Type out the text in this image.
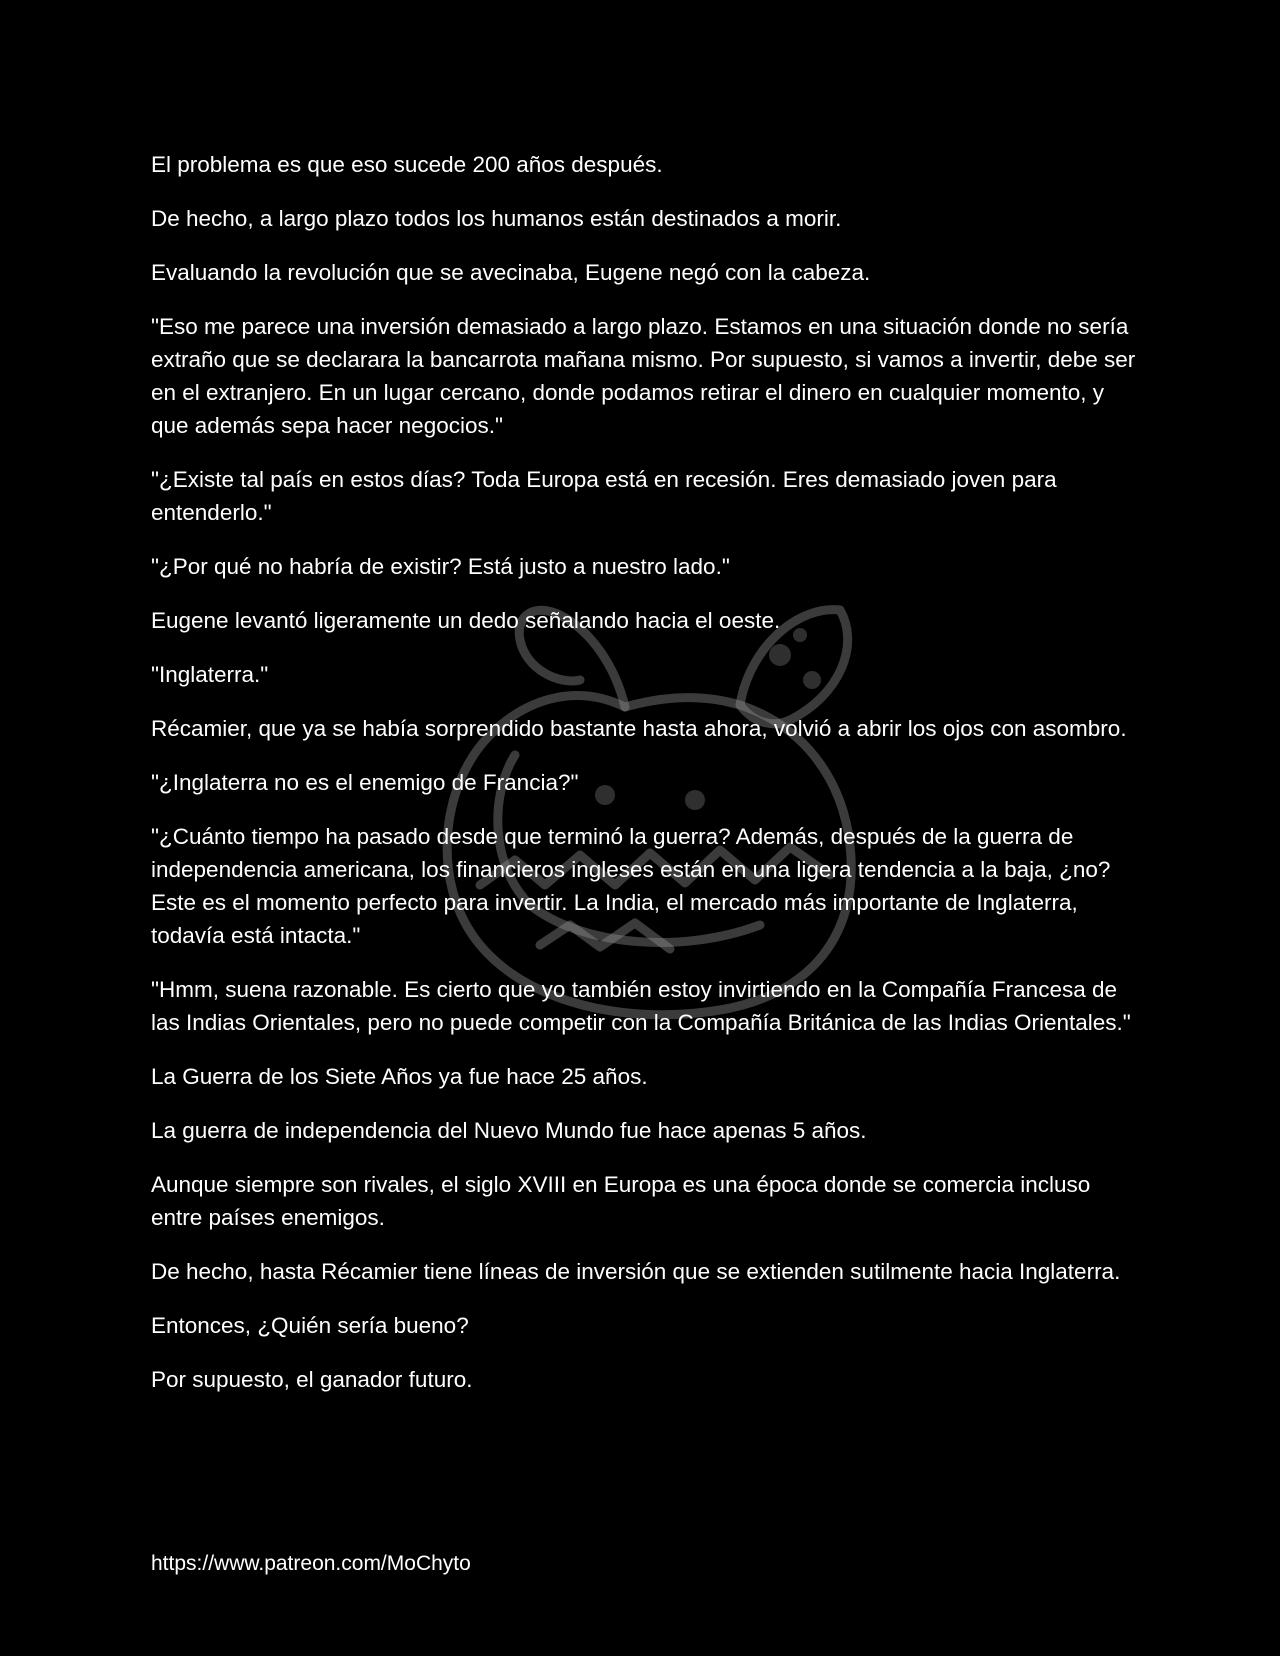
El problema es que eso sucede 200 años después.

De hecho, a largo plazo todos los humanos están destinados a morir.

Evaluando la revolución que se avecinaba, Eugene negó con la cabeza.

"Eso me parece una inversión demasiado a largo plazo. Estamos en una situación donde no sería extraño que se declarara la bancarrota mañana mismo. Por supuesto, si vamos a invertir, debe ser en el extranjero. En un lugar cercano, donde podamos retirar el dinero en cualquier momento, y que además sepa hacer negocios."

"¿Existe tal país en estos días? Toda Europa está en recesión. Eres demasiado joven para entenderlo."

"¿Por qué no habría de existir? Está justo a nuestro lado."

Eugene levantó ligeramente un dedo señalando hacia el oeste.

"Inglaterra."

Récamier, que ya se había sorprendido bastante hasta ahora, volvió a abrir los ojos con asombro.

"¿Inglaterra no es el enemigo de Francia?"

"¿Cuánto tiempo ha pasado desde que terminó la guerra? Además, después de la guerra de independencia americana, los financieros ingleses están en una ligera tendencia a la baja, ¿no? Este es el momento perfecto para invertir. La India, el mercado más importante de Inglaterra, todavía está intacta."

"Hmm, suena razonable. Es cierto que yo también estoy invirtiendo en la Compañía Francesa de las Indias Orientales, pero no puede competir con la Compañía Británica de las Indias Orientales."

La Guerra de los Siete Años ya fue hace 25 años.

La guerra de independencia del Nuevo Mundo fue hace apenas 5 años.

Aunque siempre son rivales, el siglo XVIII en Europa es una época donde se comercia incluso entre países enemigos.

De hecho, hasta Récamier tiene líneas de inversión que se extienden sutilmente hacia Inglaterra.

Entonces, ¿Quién sería bueno?

Por supuesto, el ganador futuro.

https://www.patreon.com/MoChyto
